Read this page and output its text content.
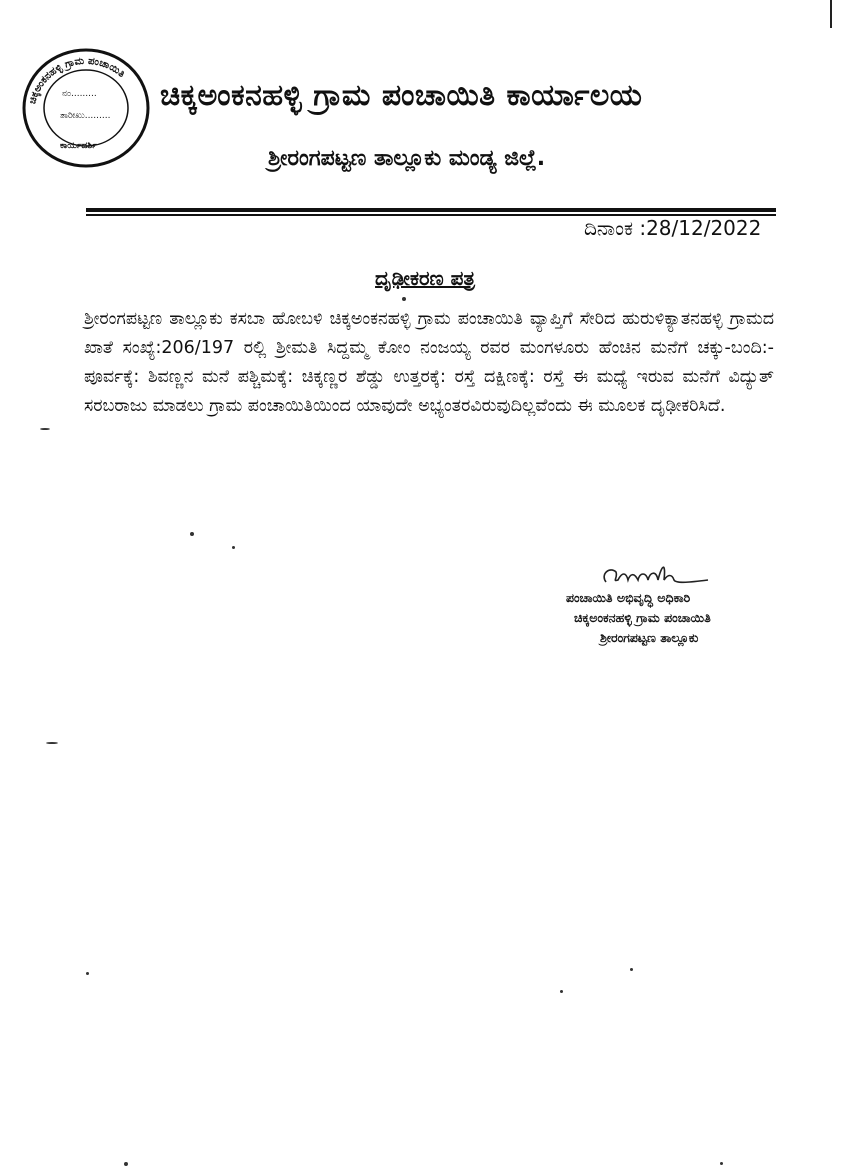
ಚಿಕ್ಕಅಂಕನಹಳ್ಳಿ ಗ್ರಾಮ ಪಂಚಾಯಿತಿ
ನಂ.........
ತಾರೀಖು.........
ಕಾರ್ಯದರ್ಶಿ
ಚಿಕ್ಕಅಂಕನಹಳ್ಳಿ ಗ್ರಾಮ ಪಂಚಾಯಿತಿ ಕಾರ್ಯಾಲಯ
ಶ್ರೀರಂಗಪಟ್ಟಣ ತಾಲ್ಲೂಕು ಮಂಡ್ಯ ಜಿಲ್ಲೆ.
ದಿನಾಂಕ :28/12/2022
ದೃಢೀಕರಣ ಪತ್ರ
ಶ್ರೀರಂಗಪಟ್ಟಣ ತಾಲ್ಲೂಕು ಕಸಬಾ ಹೋಬಳಿ ಚಿಕ್ಕಅಂಕನಹಳ್ಳಿ ಗ್ರಾಮ ಪಂಚಾಯಿತಿ ವ್ಯಾಪ್ತಿಗೆ ಸೇರಿದ ಹುರುಳಿಕ್ಯಾತನಹಳ್ಳಿ ಗ್ರಾಮದ ಖಾತೆ ಸಂಖ್ಯೆ:206/197 ರಲ್ಲಿ ಶ್ರೀಮತಿ ಸಿದ್ದಮ್ಮ ಕೋಂ ನಂಜಯ್ಯ ರವರ ಮಂಗಳೂರು ಹೆಂಚಿನ ಮನೆಗೆ ಚಕ್ಕು-ಬಂದಿ:-ಪೂರ್ವಕ್ಕೆ: ಶಿವಣ್ಣನ ಮನೆ ಪಶ್ಚಿಮಕ್ಕೆ: ಚಿಕ್ಕಣ್ಣರ ಶೆಡ್ಡು ಉತ್ತರಕ್ಕೆ: ರಸ್ತೆ ದಕ್ಷಿಣಕ್ಕೆ: ರಸ್ತೆ ಈ ಮಧ್ಯೆ ಇರುವ ಮನೆಗೆ ವಿದ್ಯುತ್ ಸರಬರಾಜು ಮಾಡಲು ಗ್ರಾಮ ಪಂಚಾಯಿತಿಯಿಂದ ಯಾವುದೇ ಅಭ್ಯಂತರವಿರುವುದಿಲ್ಲವೆಂದು ಈ ಮೂಲಕ ದೃಢೀಕರಿಸಿದೆ.
Mahesh
ಪಂಚಾಯಿತಿ ಅಭಿವೃದ್ಧಿ ಅಧಿಕಾರಿ
ಚಿಕ್ಕಅಂಕನಹಳ್ಳಿ ಗ್ರಾಮ ಪಂಚಾಯಿತಿ
ಶ್ರೀರಂಗಪಟ್ಟಣ ತಾಲ್ಲೂಕು
